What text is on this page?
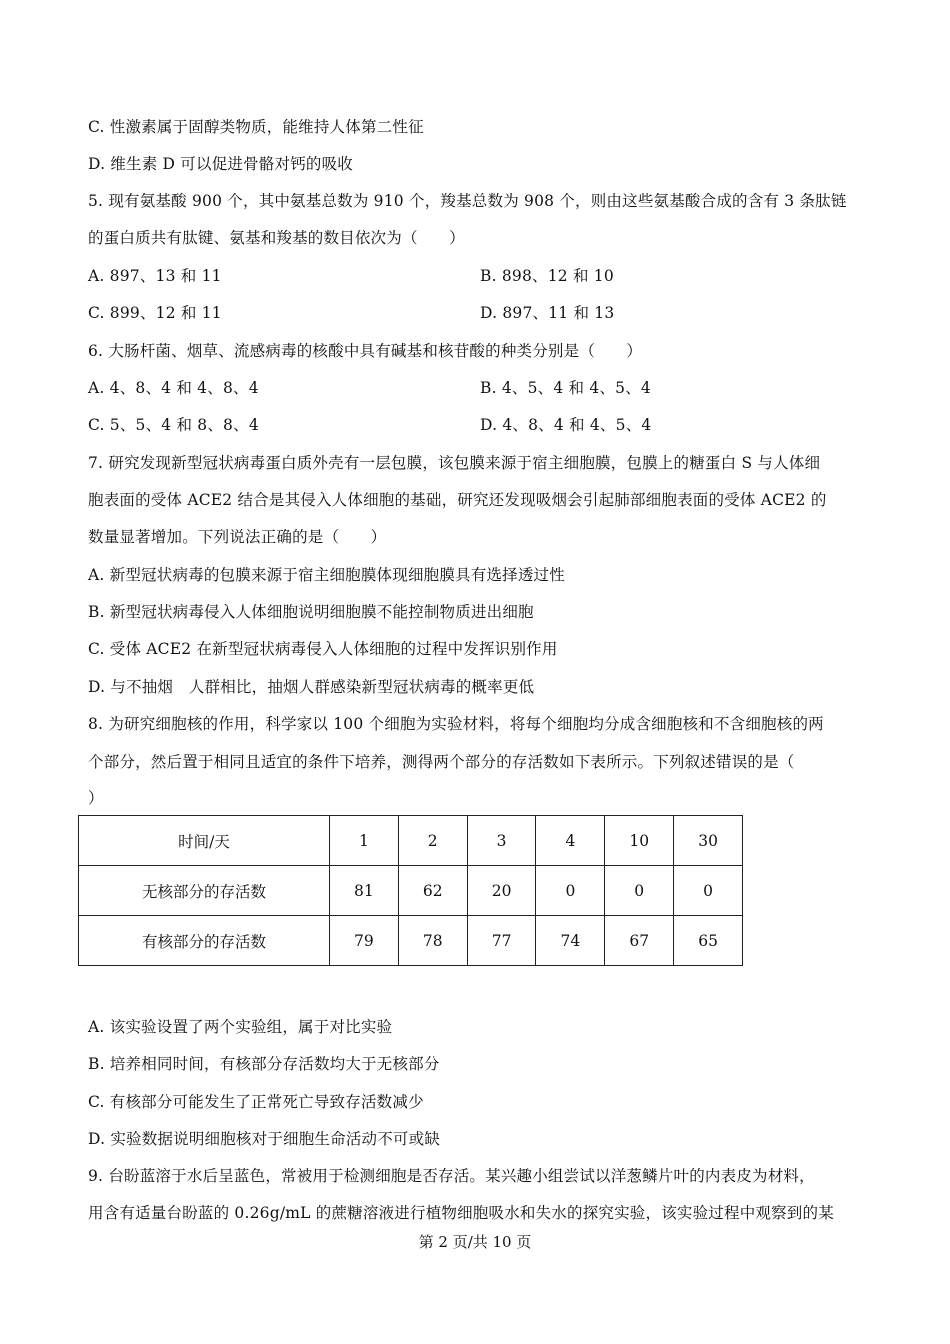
C. 性激素属于固醇类物质，能维持人体第二性征
D. 维生素 D 可以促进骨骼对钙的吸收
5. 现有氨基酸 900 个，其中氨基总数为 910 个，羧基总数为 908 个，则由这些氨基酸合成的含有 3 条肽链
的蛋白质共有肽键、氨基和羧基的数目依次为（　　）
A. 897、13 和 11	B. 898、12 和 10
C. 899、12 和 11	D. 897、11 和 13
6. 大肠杆菌、烟草、流感病毒的核酸中具有碱基和核苷酸的种类分别是（　　）
A. 4、8、4 和 4、8、4	B. 4、5、4 和 4、5、4
C. 5、5、4 和 8、8、4	D. 4、8、4 和 4、5、4
7. 研究发现新型冠状病毒蛋白质外壳有一层包膜，该包膜来源于宿主细胞膜，包膜上的糖蛋白 S 与人体细
胞表面的受体 ACE2 结合是其侵入人体细胞的基础，研究还发现吸烟会引起肺部细胞表面的受体 ACE2 的
数量显著增加。下列说法正确的是（　　）
A. 新型冠状病毒的包膜来源于宿主细胞膜体现细胞膜具有选择透过性
B. 新型冠状病毒侵入人体细胞说明细胞膜不能控制物质进出细胞
C. 受体 ACE2 在新型冠状病毒侵入人体细胞的过程中发挥识别作用
D. 与不抽烟　人群相比，抽烟人群感染新型冠状病毒的概率更低
8. 为研究细胞核的作用，科学家以 100 个细胞为实验材料，将每个细胞均分成含细胞核和不含细胞核的两
个部分，然后置于相同且适宜的条件下培养，测得两个部分的存活数如下表所示。下列叙述错误的是（
）
时间/天	1	2	3	4	10	30
无核部分的存活数	81	62	20	0	0	0
有核部分的存活数	79	78	77	74	67	65
A. 该实验设置了两个实验组，属于对比实验
B. 培养相同时间，有核部分存活数均大于无核部分
C. 有核部分可能发生了正常死亡导致存活数减少
D. 实验数据说明细胞核对于细胞生命活动不可或缺
9. 台盼蓝溶于水后呈蓝色，常被用于检测细胞是否存活。某兴趣小组尝试以洋葱鳞片叶的内表皮为材料，
用含有适量台盼蓝的 0.26g/mL 的蔗糖溶液进行植物细胞吸水和失水的探究实验，该实验过程中观察到的某
第 2 页/共 10 页
